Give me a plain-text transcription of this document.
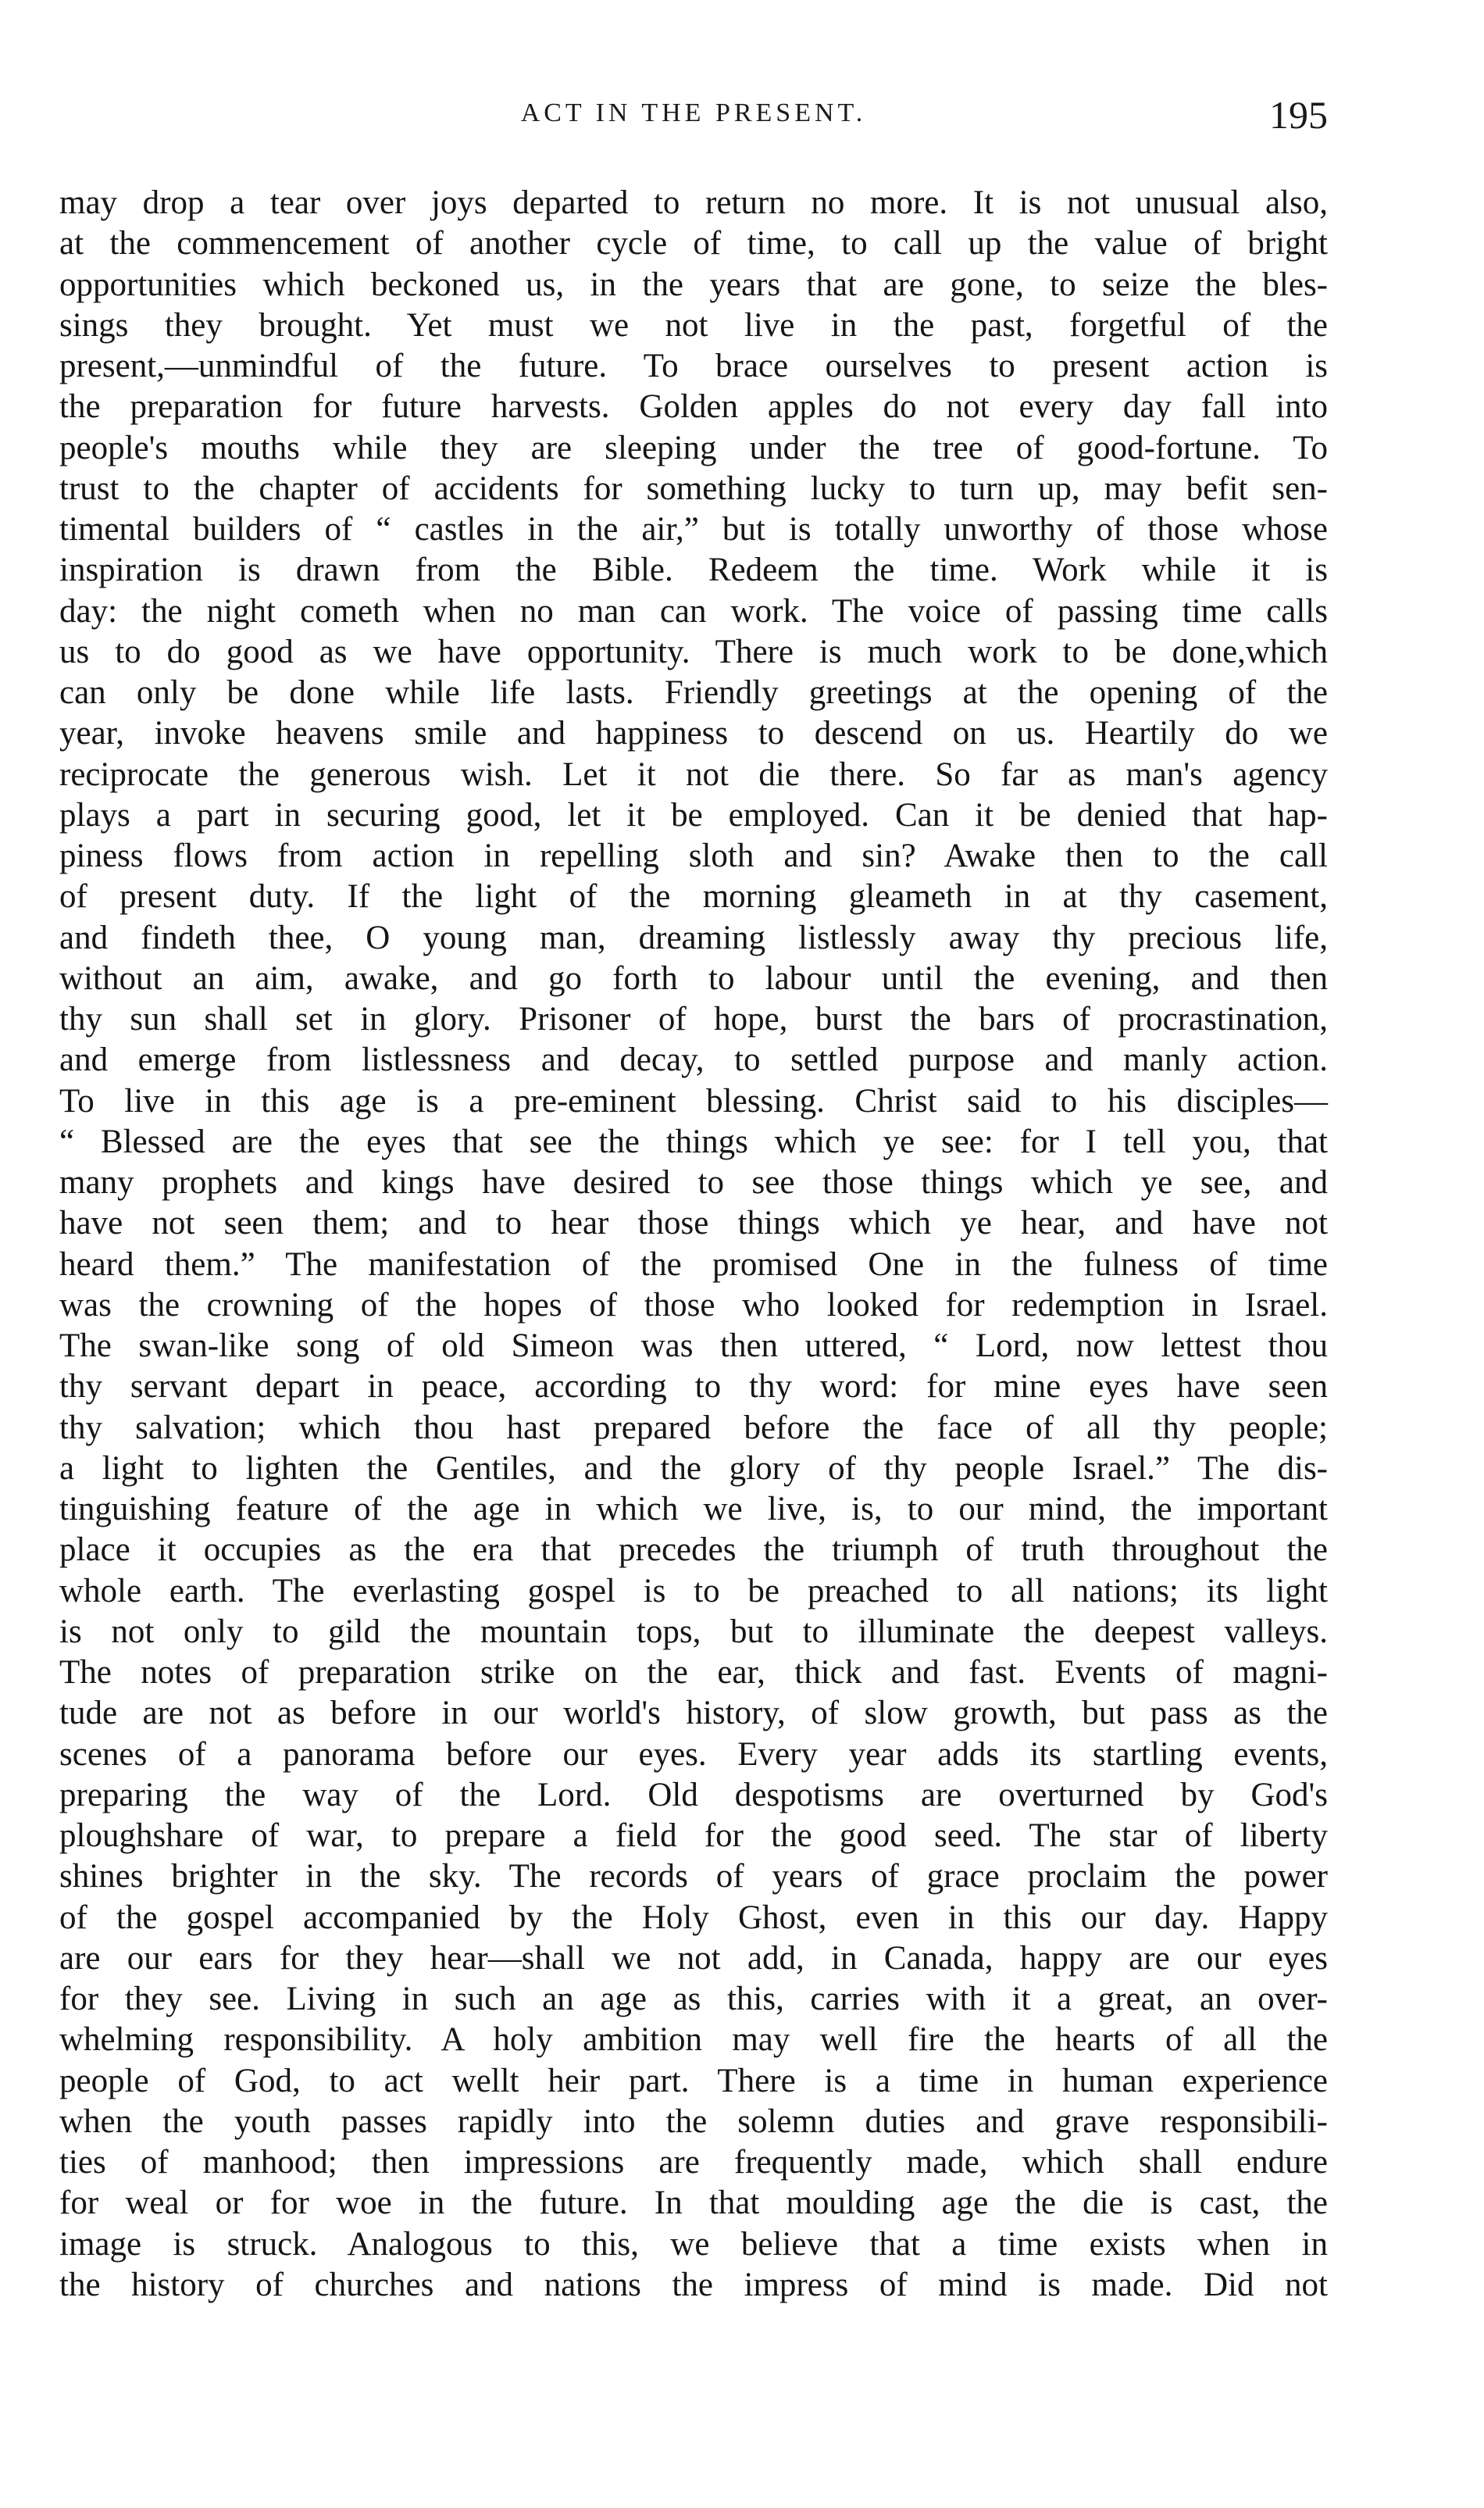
ACT IN THE PRESENT.	195
may drop a tear over joys departed to return no more. It is not unusual also,
at the commencement of another cycle of time, to call up the value of bright
opportunities which beckoned us, in the years that are gone, to seize the bles-
sings they brought. Yet must we not live in the past, forgetful of the
present,—unmindful of the future. To brace ourselves to present action is
the preparation for future harvests. Golden apples do not every day fall into
people's mouths while they are sleeping under the tree of good-fortune. To
trust to the chapter of accidents for something lucky to turn up, may befit sen-
timental builders of “ castles in the air,” but is totally unworthy of those whose
inspiration is drawn from the Bible. Redeem the time. Work while it is
day: the night cometh when no man can work. The voice of passing time calls
us to do good as we have opportunity. There is much work to be done,which
can only be done while life lasts. Friendly greetings at the opening of the
year, invoke heavens smile and happiness to descend on us. Heartily do we
reciprocate the generous wish. Let it not die there. So far as man's agency
plays a part in securing good, let it be employed. Can it be denied that hap-
piness flows from action in repelling sloth and sin? Awake then to the call
of present duty. If the light of the morning gleameth in at thy casement,
and findeth thee, O young man, dreaming listlessly away thy precious life,
without an aim, awake, and go forth to labour until the evening, and then
thy sun shall set in glory. Prisoner of hope, burst the bars of procrastination,
and emerge from listlessness and decay, to settled purpose and manly action.
To live in this age is a pre-eminent blessing. Christ said to his disciples—
“ Blessed are the eyes that see the things which ye see: for I tell you, that
many prophets and kings have desired to see those things which ye see, and
have not seen them; and to hear those things which ye hear, and have not
heard them.” The manifestation of the promised One in the fulness of time
was the crowning of the hopes of those who looked for redemption in Israel.
The swan-like song of old Simeon was then uttered, “ Lord, now lettest thou
thy servant depart in peace, according to thy word: for mine eyes have seen
thy salvation; which thou hast prepared before the face of all thy people;
a light to lighten the Gentiles, and the glory of thy people Israel.” The dis-
tinguishing feature of the age in which we live, is, to our mind, the important
place it occupies as the era that precedes the triumph of truth throughout the
whole earth. The everlasting gospel is to be preached to all nations; its light
is not only to gild the mountain tops, but to illuminate the deepest valleys.
The notes of preparation strike on the ear, thick and fast. Events of magni-
tude are not as before in our world's history, of slow growth, but pass as the
scenes of a panorama before our eyes. Every year adds its startling events,
preparing the way of the Lord. Old despotisms are overturned by God's
ploughshare of war, to prepare a field for the good seed. The star of liberty
shines brighter in the sky. The records of years of grace proclaim the power
of the gospel accompanied by the Holy Ghost, even in this our day. Happy
are our ears for they hear—shall we not add, in Canada, happy are our eyes
for they see. Living in such an age as this, carries with it a great, an over-
whelming responsibility. A holy ambition may well fire the hearts of all the
people of God, to act wellt heir part. There is a time in human experience
when the youth passes rapidly into the solemn duties and grave responsibili-
ties of manhood; then impressions are frequently made, which shall endure
for weal or for woe in the future. In that moulding age the die is cast, the
image is struck. Analogous to this, we believe that a time exists when in
the history of churches and nations the impress of mind is made. Did not
